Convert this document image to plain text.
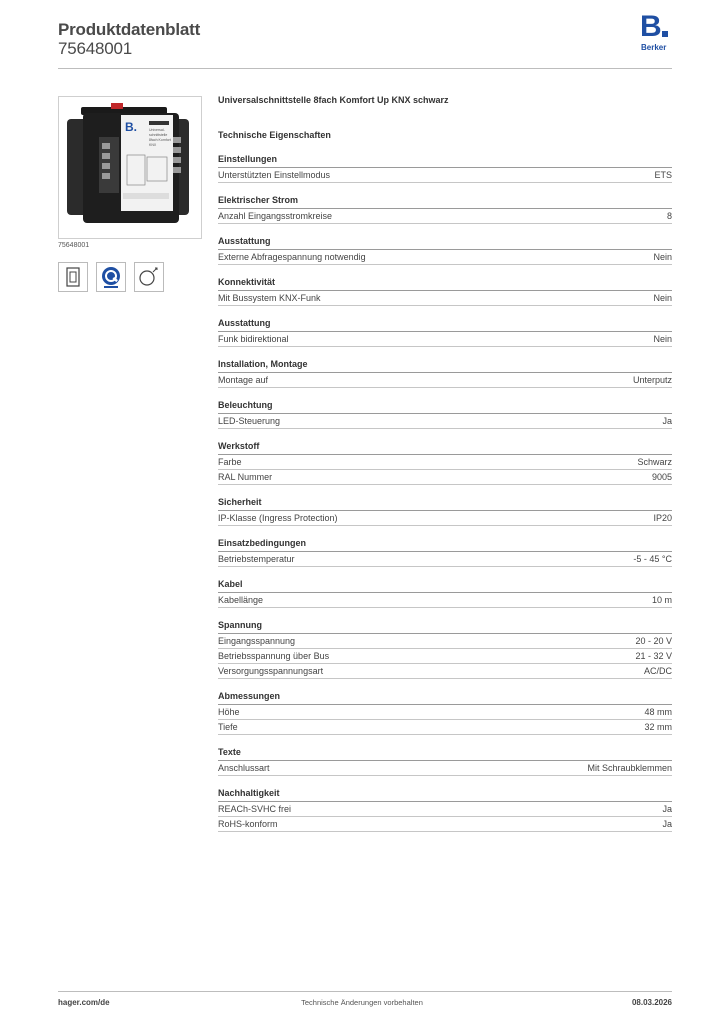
Produktdatenblatt
75648001
B
Berker
B.	Universal-
schnittstelle
8fach Komfort
KNX
75648001
Universalschnittstelle 8fach Komfort Up KNX schwarz
Technische Eigenschaften
Einstellungen
Unterstützten Einstellmodus	ETS
Elektrischer Strom
Anzahl Eingangsstromkreise	8
Ausstattung
Externe Abfragespannung notwendig	Nein
Konnektivität
Mit Bussystem KNX-Funk	Nein
Ausstattung
Funk bidirektional	Nein
Installation, Montage
Montage auf	Unterputz
Beleuchtung
LED-Steuerung	Ja
Werkstoff
Farbe	Schwarz
RAL Nummer	9005
Sicherheit
IP-Klasse (Ingress Protection)	IP20
Einsatzbedingungen
Betriebstemperatur	-5 - 45 °C
Kabel
Kabellänge	10 m
Spannung
Eingangsspannung	20 - 20 V
Betriebsspannung über Bus	21 - 32 V
Versorgungsspannungsart	AC/DC
Abmessungen
Höhe	48 mm
Tiefe	32 mm
Texte
Anschlussart	Mit Schraubklemmen
Nachhaltigkeit
REACh-SVHC frei	Ja
RoHS-konform	Ja
hager.com/de	Technische Änderungen vorbehalten	08.03.2026
